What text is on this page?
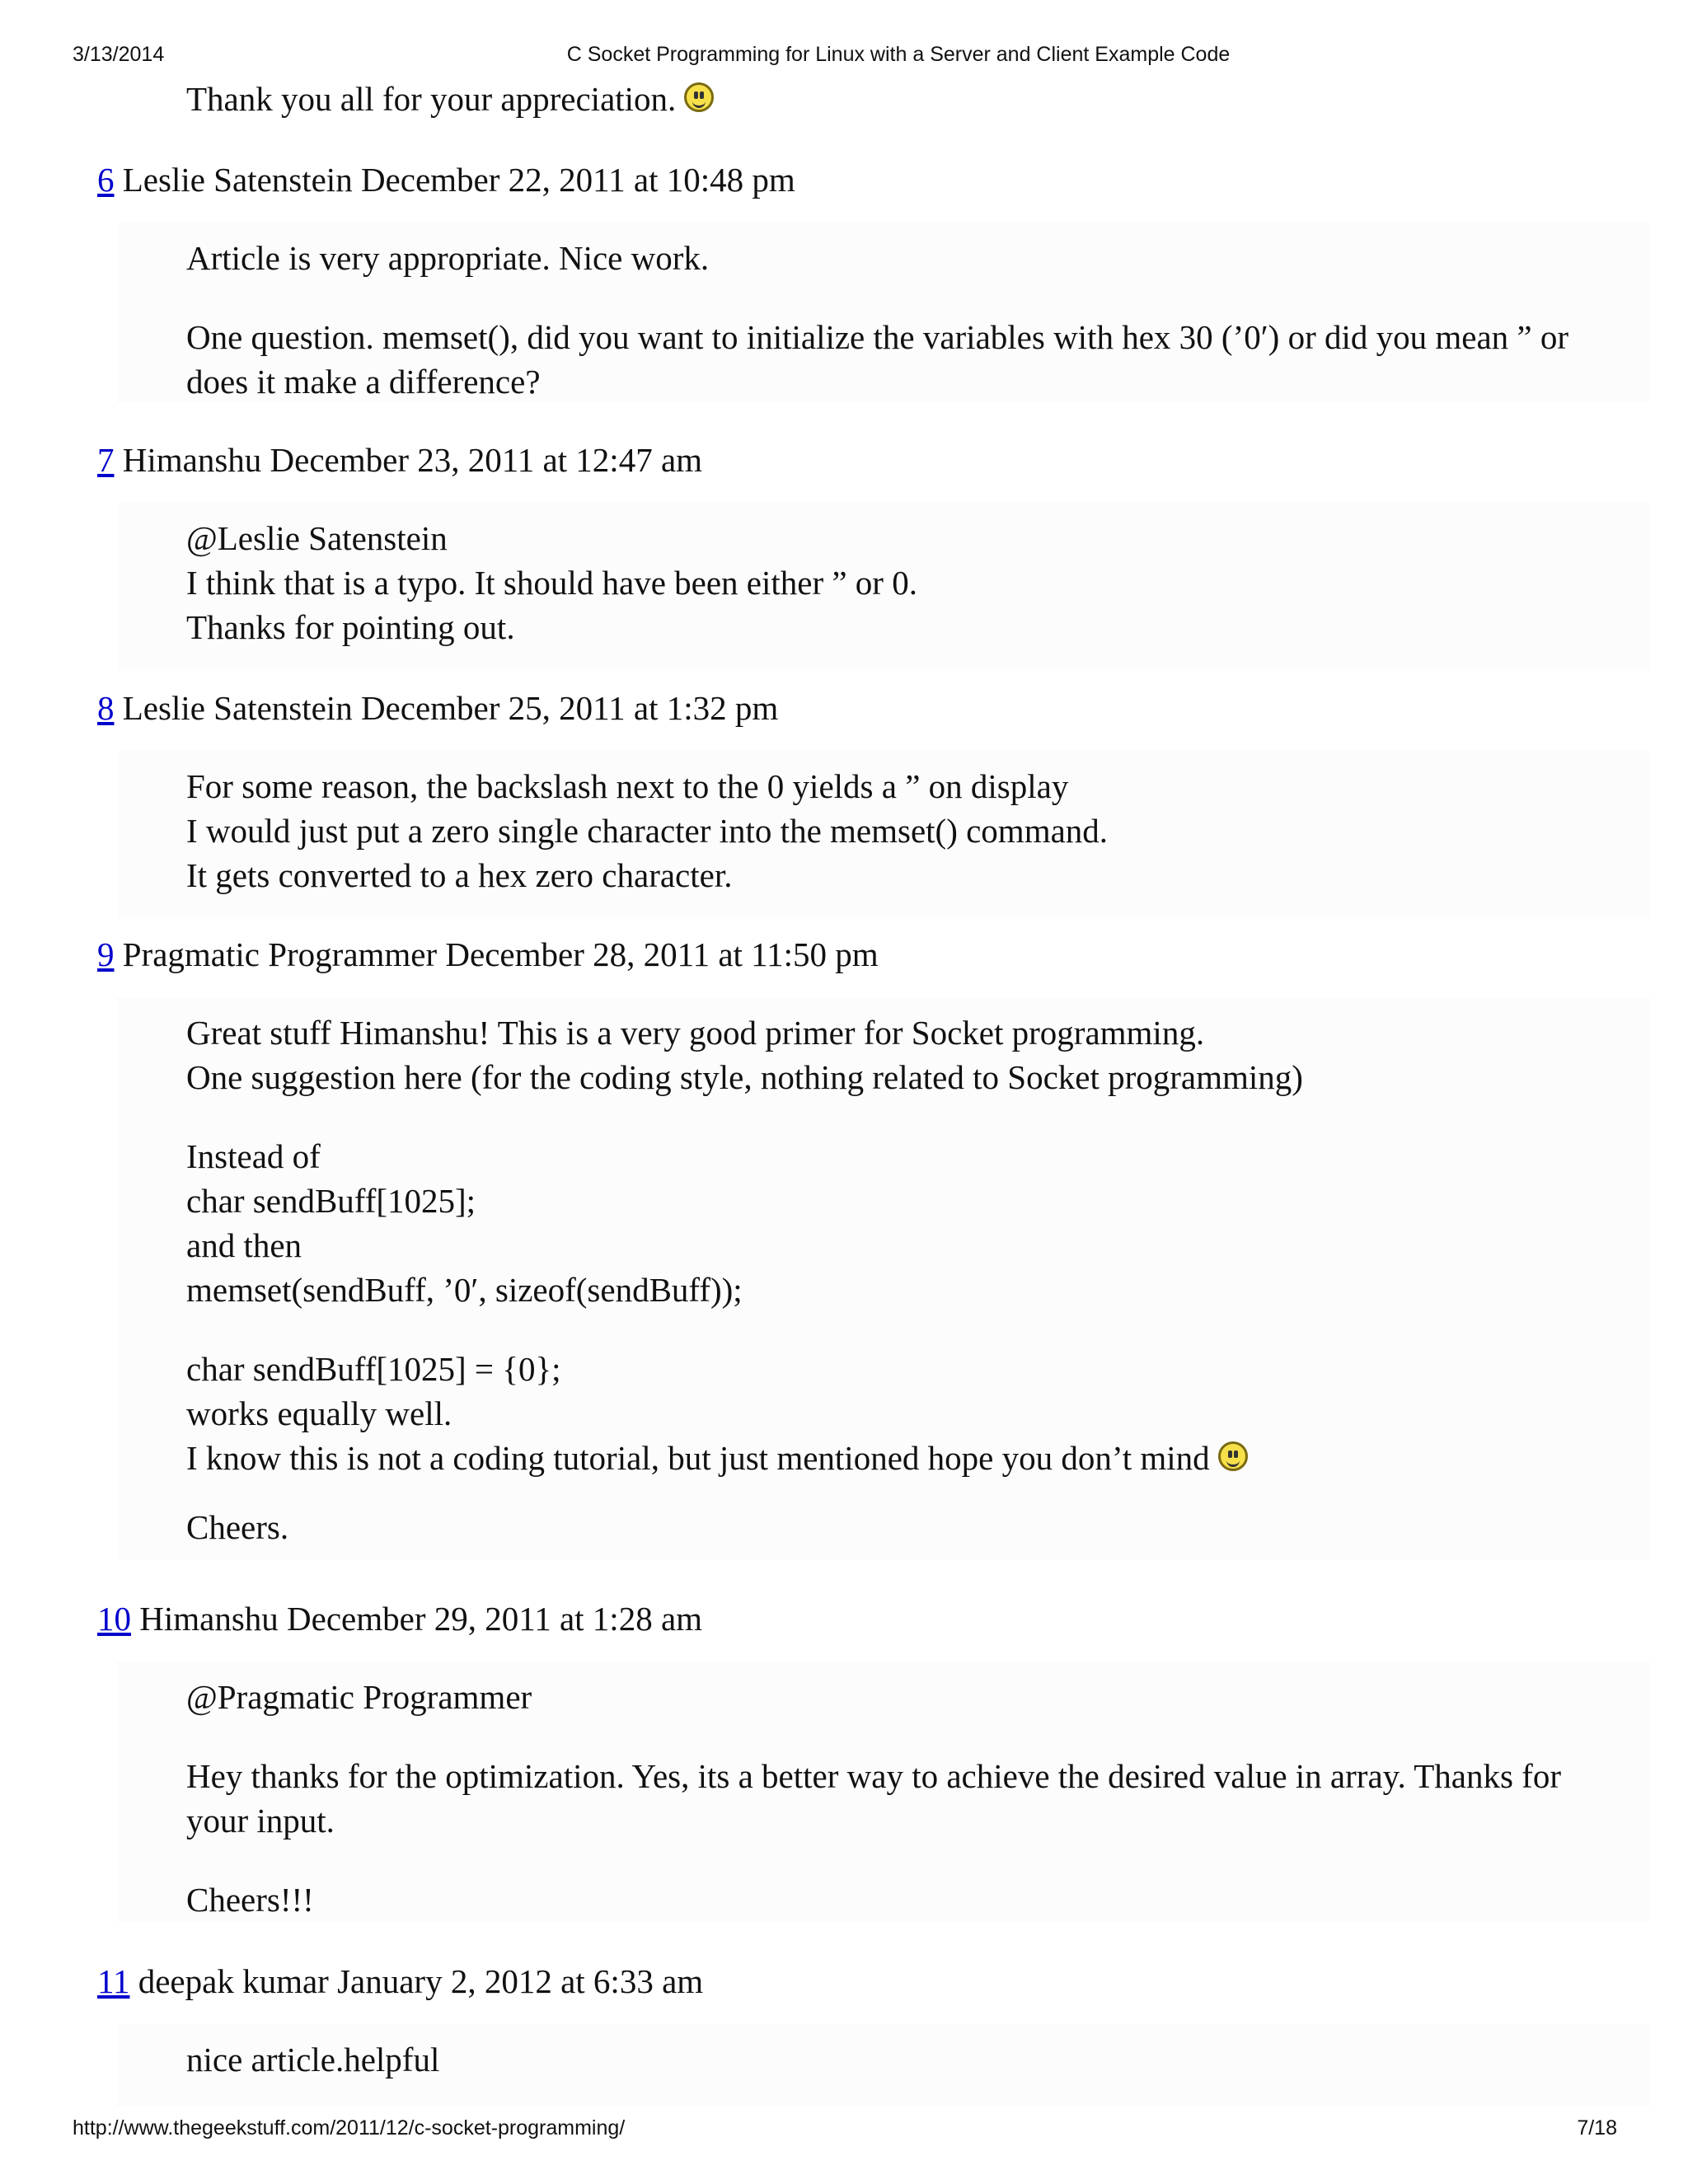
3/13/2014	C Socket Programming for Linux with a Server and Client Example Code
Thank you all for your appreciation.
6 Leslie Satenstein December 22, 2011 at 10:48 pm

Article is very appropriate. Nice work.

One question. memset(), did you want to initialize the variables with hex 30 (’0′) or did you mean ” or
does it make a difference?

7 Himanshu December 23, 2011 at 12:47 am

@Leslie Satenstein
I think that is a typo. It should have been either ” or 0.
Thanks for pointing out.

8 Leslie Satenstein December 25, 2011 at 1:32 pm

For some reason, the backslash next to the 0 yields a ” on display
I would just put a zero single character into the memset() command.
It gets converted to a hex zero character.

9 Pragmatic Programmer December 28, 2011 at 11:50 pm

Great stuff Himanshu! This is a very good primer for Socket programming.
One suggestion here (for the coding style, nothing related to Socket programming)

Instead of
char sendBuff[1025];
and then
memset(sendBuff, ’0′, sizeof(sendBuff));

char sendBuff[1025] = {0};
works equally well.
I know this is not a coding tutorial, but just mentioned hope you don’t mind

Cheers.

10 Himanshu December 29, 2011 at 1:28 am

@Pragmatic Programmer

Hey thanks for the optimization. Yes, its a better way to achieve the desired value in array. Thanks for
your input.

Cheers!!!

11 deepak kumar January 2, 2012 at 6:33 am

nice article.helpful

http://www.thegeekstuff.com/2011/12/c-socket-programming/	7/18
